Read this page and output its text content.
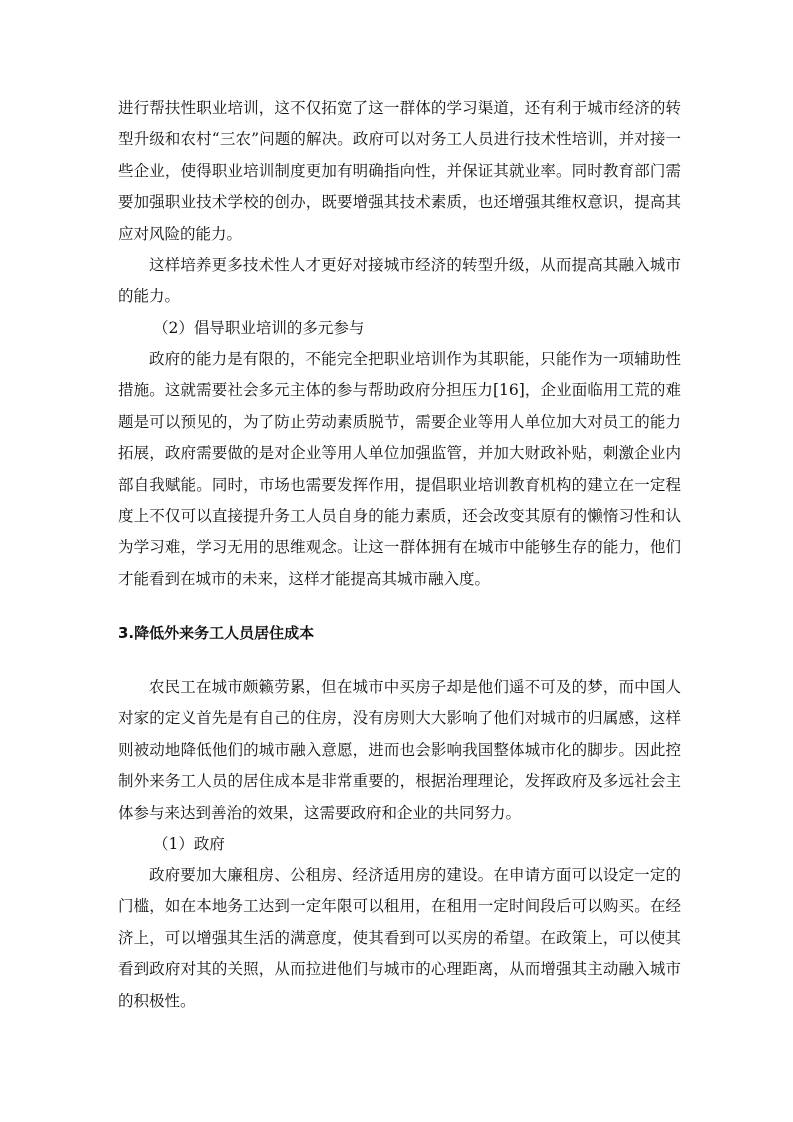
进行帮扶性职业培训，这不仅拓宽了这一群体的学习渠道，还有利于城市经济的转型升级和农村“三农”问题的解决。政府可以对务工人员进行技术性培训，并对接一些企业，使得职业培训制度更加有明确指向性，并保证其就业率。同时教育部门需要加强职业技术学校的创办，既要增强其技术素质，也还增强其维权意识，提高其应对风险的能力。

这样培养更多技术性人才更好对接城市经济的转型升级，从而提高其融入城市的能力。

（2）倡导职业培训的多元参与

政府的能力是有限的，不能完全把职业培训作为其职能，只能作为一项辅助性措施。这就需要社会多元主体的参与帮助政府分担压力[16]，企业面临用工荒的难题是可以预见的，为了防止劳动素质脱节，需要企业等用人单位加大对员工的能力拓展，政府需要做的是对企业等用人单位加强监管，并加大财政补贴，刺激企业内部自我赋能。同时，市场也需要发挥作用，提倡职业培训教育机构的建立在一定程度上不仅可以直接提升务工人员自身的能力素质，还会改变其原有的懒惰习性和认为学习难，学习无用的思维观念。让这一群体拥有在城市中能够生存的能力，他们才能看到在城市的未来，这样才能提高其城市融入度。

3.降低外来务工人员居住成本

农民工在城市颇籁劳累，但在城市中买房子却是他们遥不可及的梦，而中国人对家的定义首先是有自己的住房，没有房则大大影响了他们对城市的归属感，这样则被动地降低他们的城市融入意愿，进而也会影响我国整体城市化的脚步。因此控制外来务工人员的居住成本是非常重要的，根据治理理论，发挥政府及多远社会主体参与来达到善治的效果，这需要政府和企业的共同努力。

（1）政府

政府要加大廉租房、公租房、经济适用房的建设。在申请方面可以设定一定的门槛，如在本地务工达到一定年限可以租用，在租用一定时间段后可以购买。在经济上，可以增强其生活的满意度，使其看到可以买房的希望。在政策上，可以使其看到政府对其的关照，从而拉进他们与城市的心理距离，从而增强其主动融入城市的积极性。
